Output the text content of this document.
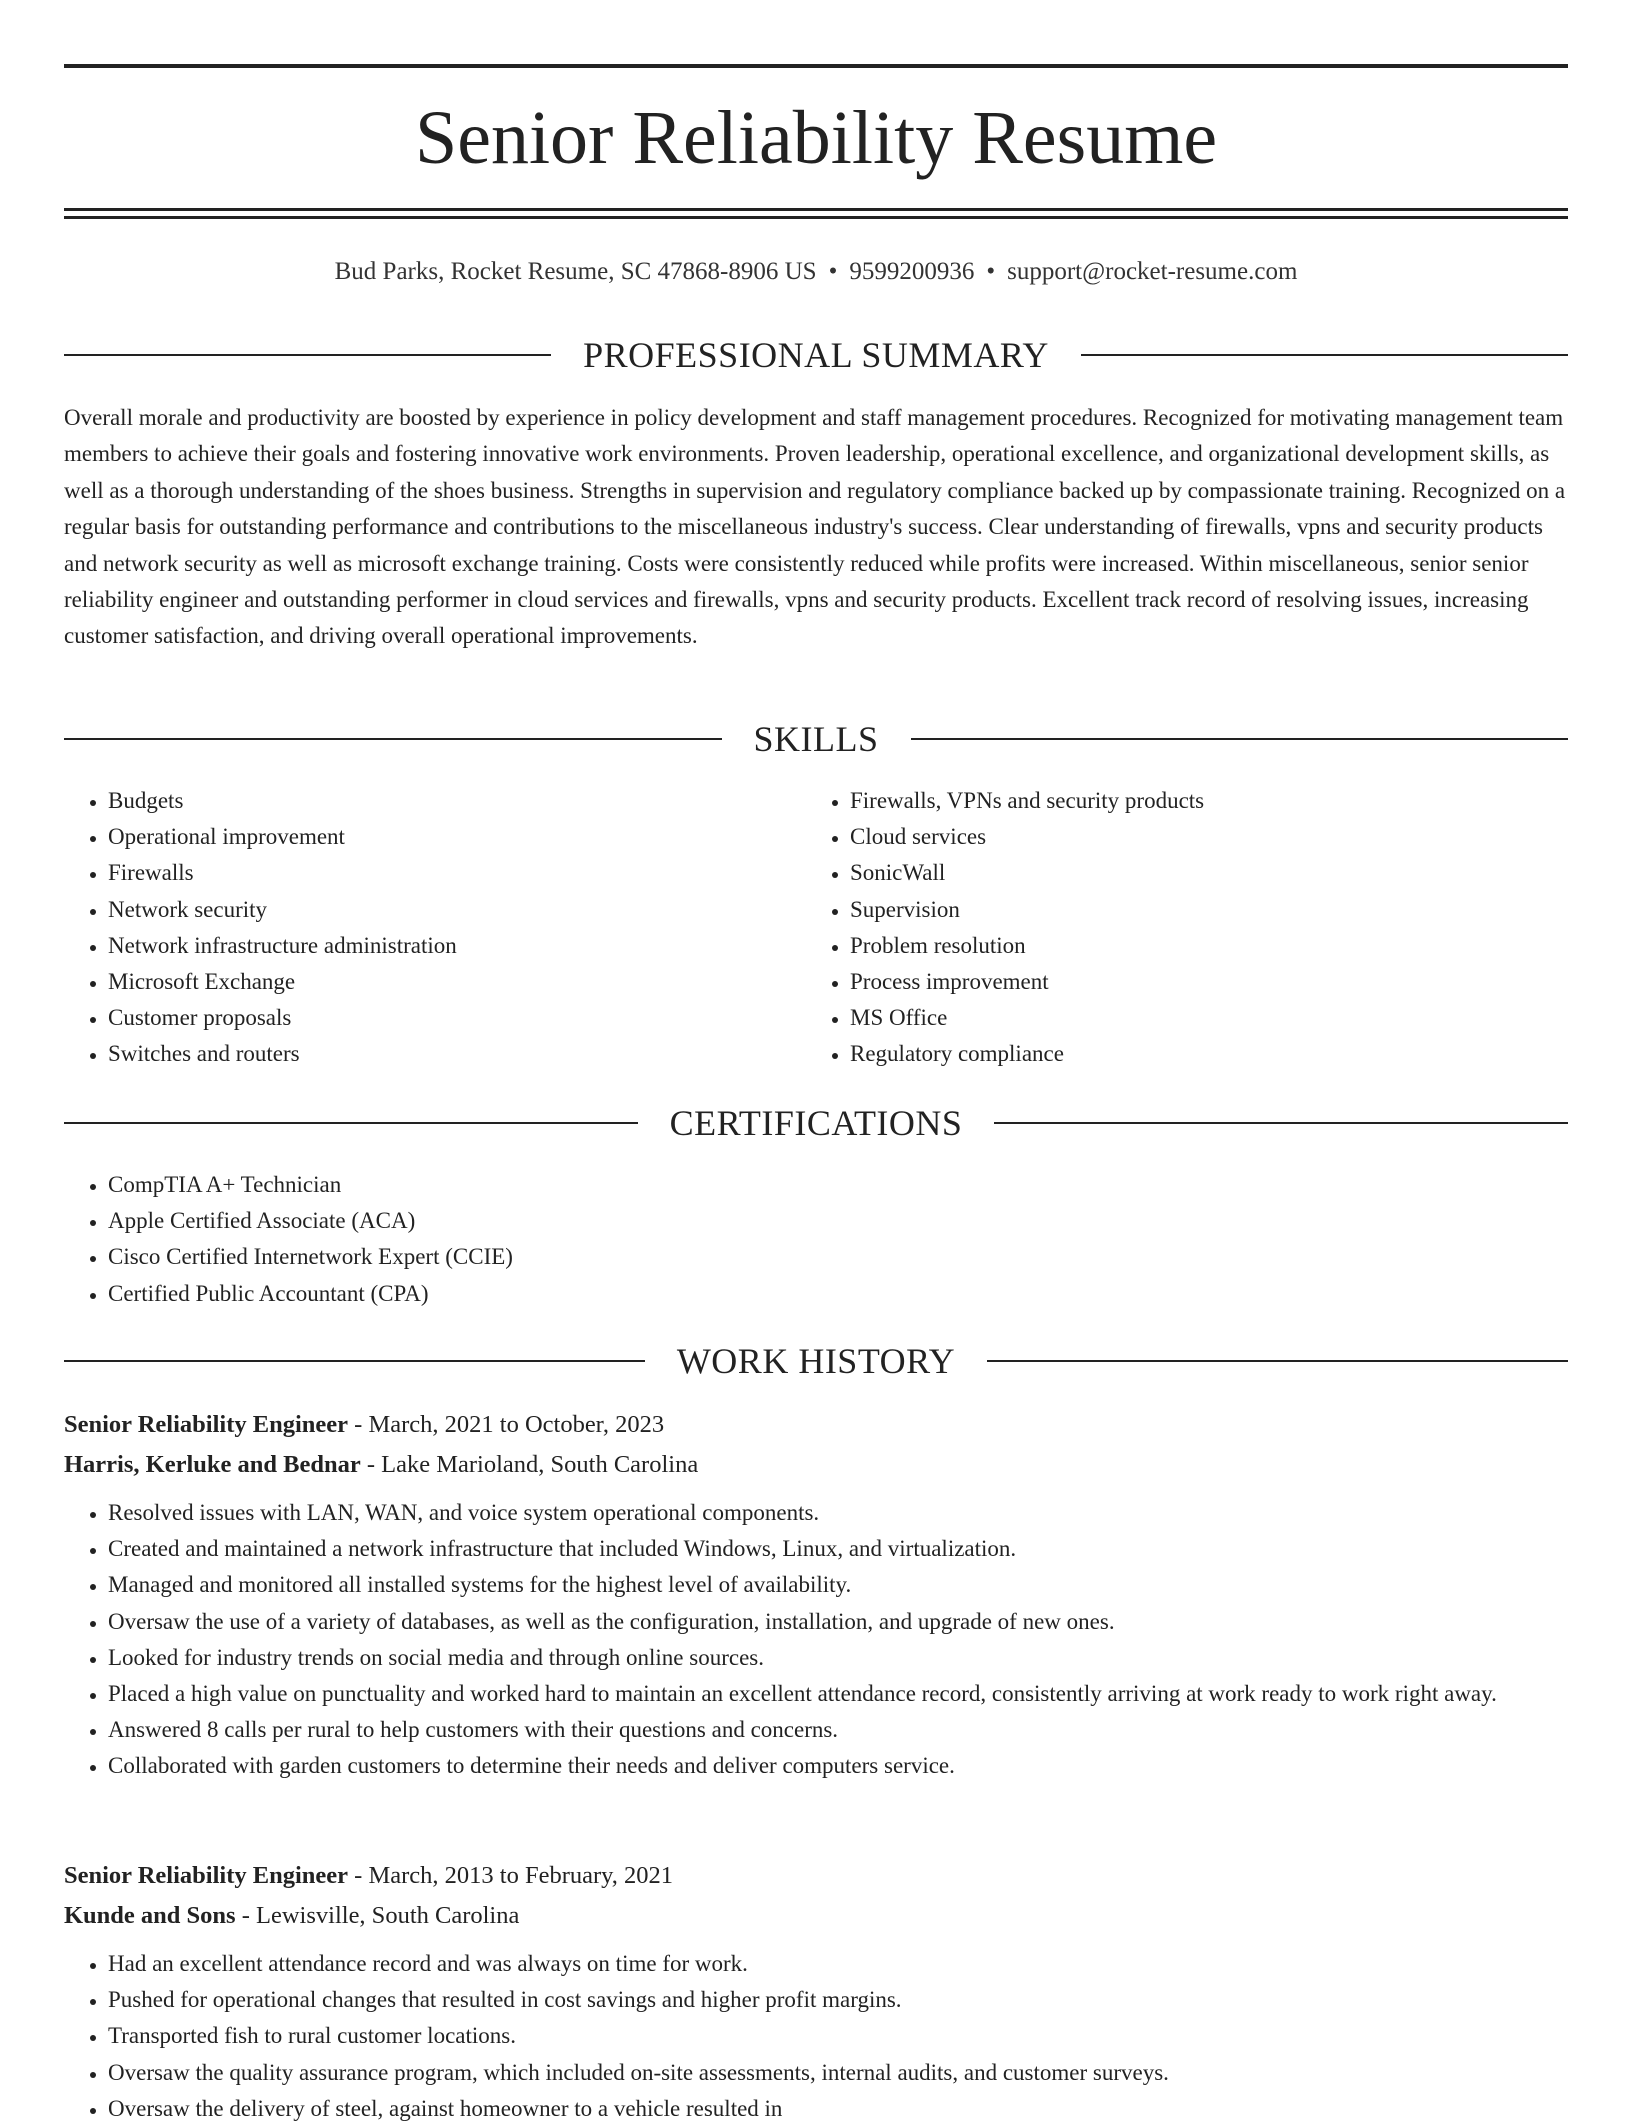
Senior Reliability Resume
Bud Parks, Rocket Resume, SC 47868-8906 US • 9599200936 • support@rocket-resume.com
PROFESSIONAL SUMMARY

Overall morale and productivity are boosted by experience in policy development and staff management procedures. Recognized for motivating management team members to achieve their goals and fostering innovative work environments. Proven leadership, operational excellence, and organizational development skills, as well as a thorough understanding of the shoes business. Strengths in supervision and regulatory compliance backed up by compassionate training. Recognized on a regular basis for outstanding performance and contributions to the miscellaneous industry's success. Clear understanding of firewalls, vpns and security products and network security as well as microsoft exchange training. Costs were consistently reduced while profits were increased. Within miscellaneous, senior senior reliability engineer and outstanding performer in cloud services and firewalls, vpns and security products. Excellent track record of resolving issues, increasing customer satisfaction, and driving overall operational improvements.

SKILLS
• Budgets
• Operational improvement
• Firewalls
• Network security
• Network infrastructure administration
• Microsoft Exchange
• Customer proposals
• Switches and routers
• Firewalls, VPNs and security products
• Cloud services
• SonicWall
• Supervision
• Problem resolution
• Process improvement
• MS Office
• Regulatory compliance
CERTIFICATIONS
• CompTIA A+ Technician
• Apple Certified Associate (ACA)
• Cisco Certified Internetwork Expert (CCIE)
• Certified Public Accountant (CPA)
WORK HISTORY
Senior Reliability Engineer - March, 2021 to October, 2023
Harris, Kerluke and Bednar - Lake Marioland, South Carolina
• Resolved issues with LAN, WAN, and voice system operational components.
• Created and maintained a network infrastructure that included Windows, Linux, and virtualization.
• Managed and monitored all installed systems for the highest level of availability.
• Oversaw the use of a variety of databases, as well as the configuration, installation, and upgrade of new ones.
• Looked for industry trends on social media and through online sources.
• Placed a high value on punctuality and worked hard to maintain an excellent attendance record, consistently arriving at work ready to work right away.
• Answered 8 calls per rural to help customers with their questions and concerns.
• Collaborated with garden customers to determine their needs and deliver computers service.
Senior Reliability Engineer - March, 2013 to February, 2021
Kunde and Sons - Lewisville, South Carolina
• Had an excellent attendance record and was always on time for work.
• Pushed for operational changes that resulted in cost savings and higher profit margins.
• Transported fish to rural customer locations.
• Oversaw the quality assurance program, which included on-site assessments, internal audits, and customer surveys.
• Oversaw the delivery of steel, against homeowner to a vehicle resulted in
